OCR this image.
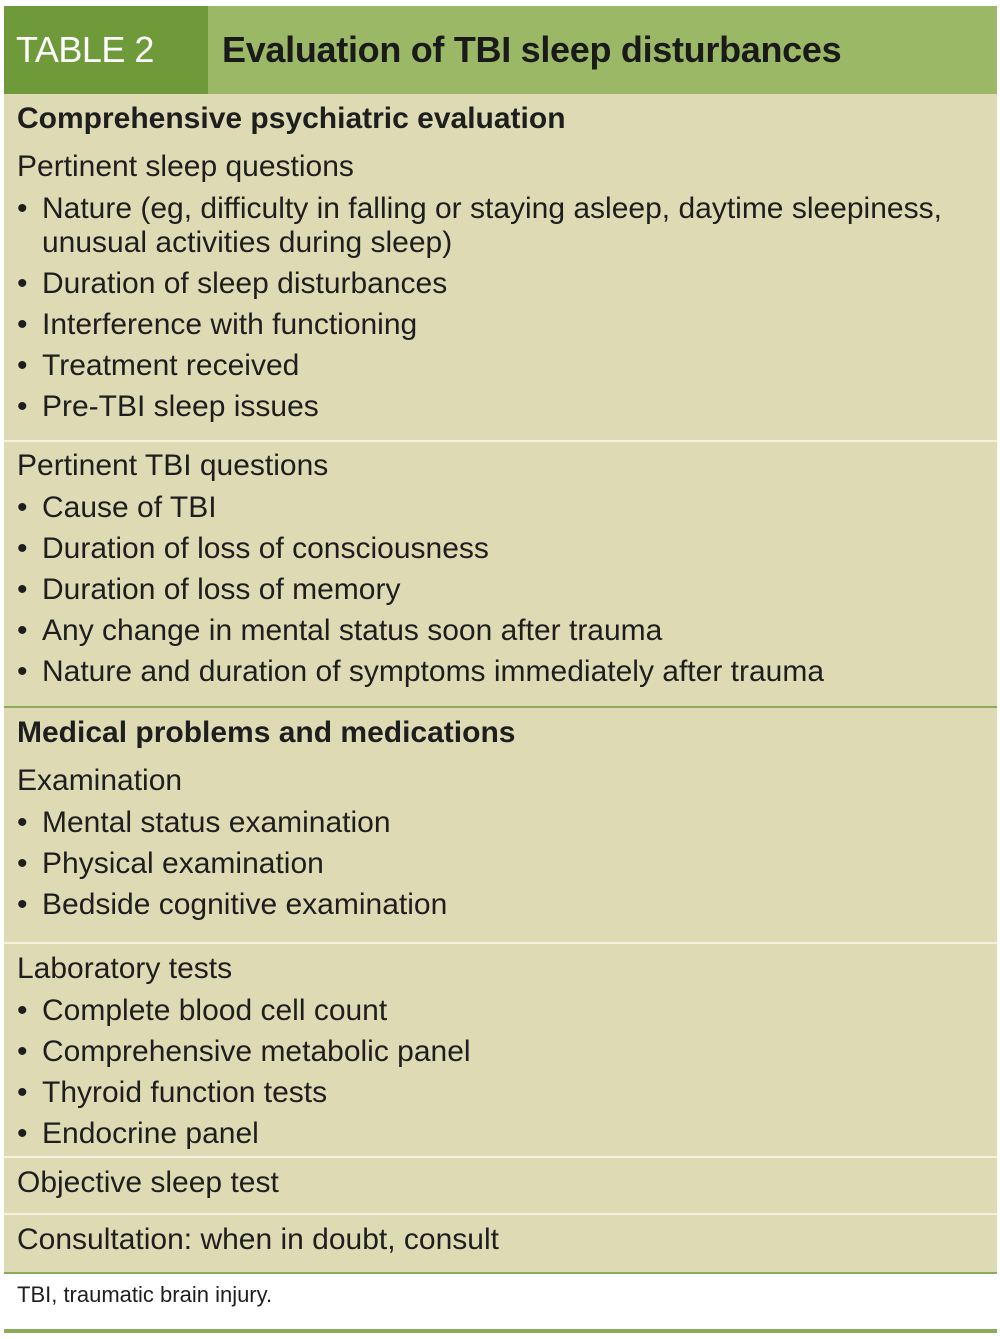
TABLE 2	Evaluation of TBI sleep disturbances
Comprehensive psychiatric evaluation
Pertinent sleep questions
• Nature (eg, difficulty in falling or staying asleep, daytime sleepiness, unusual activities during sleep)
• Duration of sleep disturbances
• Interference with functioning
• Treatment received
• Pre-TBI sleep issues
Pertinent TBI questions
• Cause of TBI
• Duration of loss of consciousness
• Duration of loss of memory
• Any change in mental status soon after trauma
• Nature and duration of symptoms immediately after trauma
Medical problems and medications
Examination
• Mental status examination
• Physical examination
• Bedside cognitive examination
Laboratory tests
• Complete blood cell count
• Comprehensive metabolic panel
• Thyroid function tests
• Endocrine panel
Objective sleep test
Consultation: when in doubt, consult
TBI, traumatic brain injury.
